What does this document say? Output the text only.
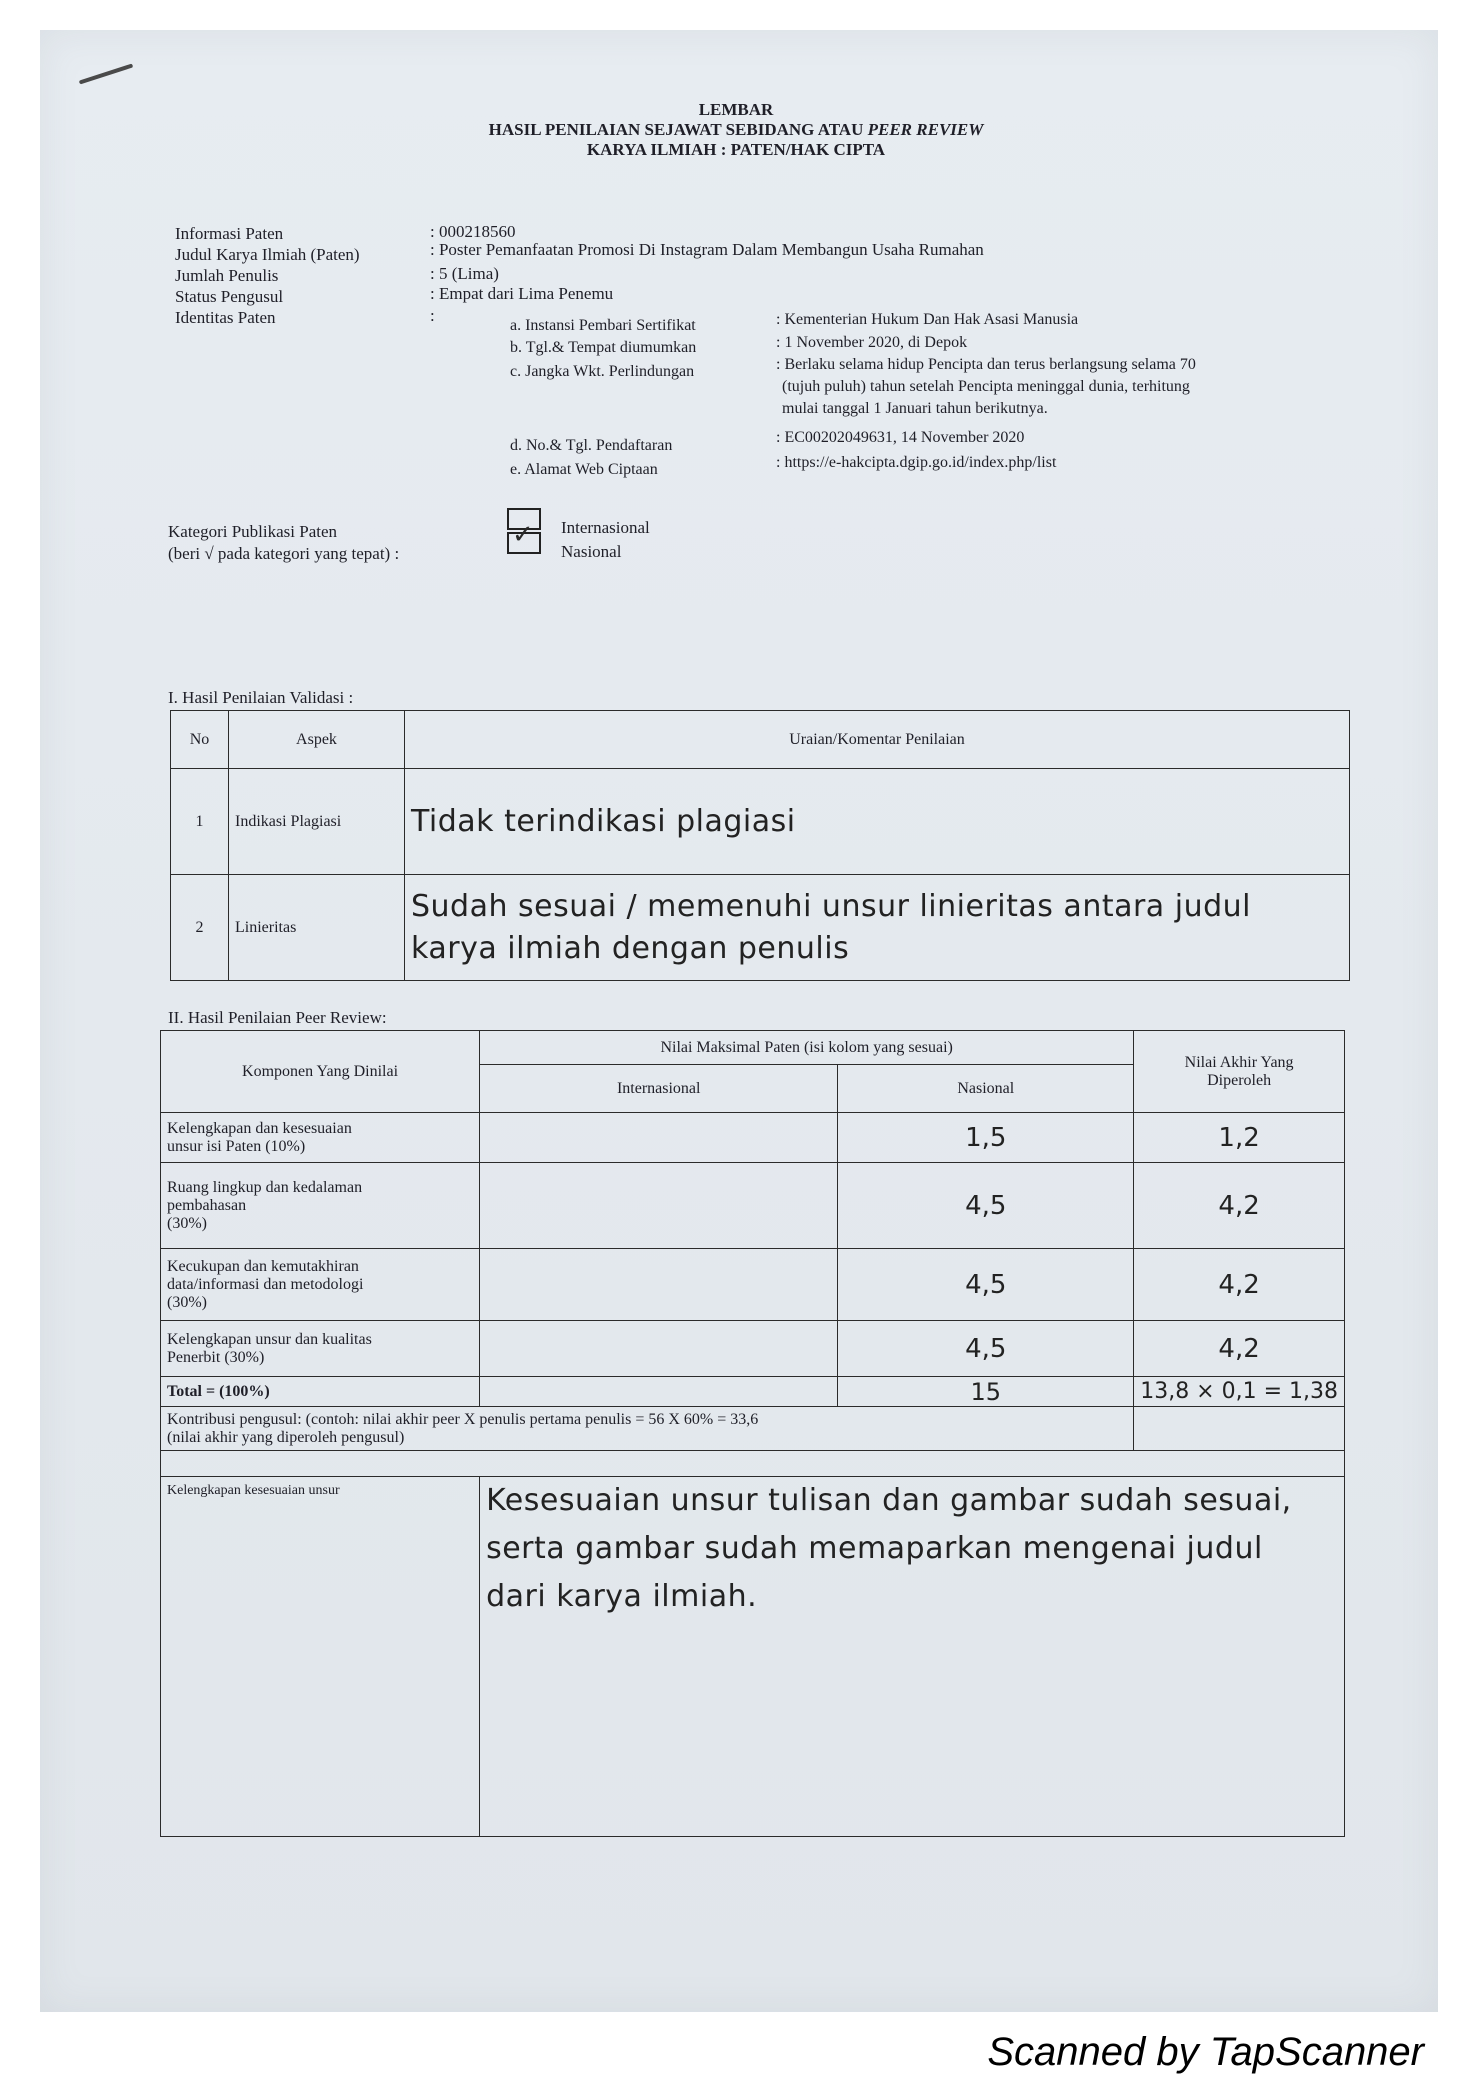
LEMBAR
HASIL PENILAIAN SEJAWAT SEBIDANG ATAU PEER REVIEW
KARYA ILMIAH : PATEN/HAK CIPTA
Informasi Paten	: 000218560
Judul Karya Ilmiah (Paten)	: Poster Pemanfaatan Promosi Di Instagram Dalam Membangun Usaha Rumahan
Jumlah Penulis	: 5 (Lima)
Status Pengusul	: Empat dari Lima Penemu
Identitas Paten	:
a. Instansi Pembari Sertifikat	: Kementerian Hukum Dan Hak Asasi Manusia
b. Tgl.& Tempat diumumkan	: 1 November 2020, di Depok
c. Jangka Wkt. Perlindungan	: Berlaku selama hidup Pencipta dan terus berlangsung selama 70
(tujuh puluh) tahun setelah Pencipta meninggal dunia, terhitung
mulai tanggal 1 Januari tahun berikutnya.
d. No.& Tgl. Pendaftaran	: EC00202049631, 14 November 2020
e. Alamat Web Ciptaan	: https://e-hakcipta.dgip.go.id/index.php/list
Kategori Publikasi Paten
(beri √ pada kategori yang tepat) :
Internasional
Nasional
✓
I. Hasil Penilaian Validasi :
No	Aspek	Uraian/Komentar Penilaian
1	Indikasi Plagiasi	Tidak terindikasi plagiasi

2	Linieritas	Sudah sesuai / memenuhi unsur linieritas antara judul
karya ilmiah dengan penulis
II. Hasil Penilaian Peer Review:
Komponen Yang Dinilai	Nilai Maksimal Paten (isi kolom yang sesuai)		Nilai Akhir Yang
Diperoleh

	Internasional	Nasional	

Kelengkapan dan kesesuaian
unsur isi Paten (10%)		1,5	1,2

Ruang lingkup dan kedalaman
pembahasan
(30%)		4,5	4,2

Kecukupan dan kemutakhiran
data/informasi dan metodologi
(30%)		4,5	4,2

Kelengkapan unsur dan kualitas
Penerbit (30%)		4,5	4,2
Total = (100%)		15	13,8 × 0,1 = 1,38

Kontribusi pengusul: (contoh: nilai akhir peer X penulis pertama penulis = 56 X 60% = 33,6
(nilai akhir yang diperoleh pengusul)			

Kelengkapan kesesuaian unsur	Kesesuaian unsur tulisan dan gambar sudah sesuai,
serta gambar sudah memaparkan mengenai judul
dari karya ilmiah.		
Scanned by TapScanner
